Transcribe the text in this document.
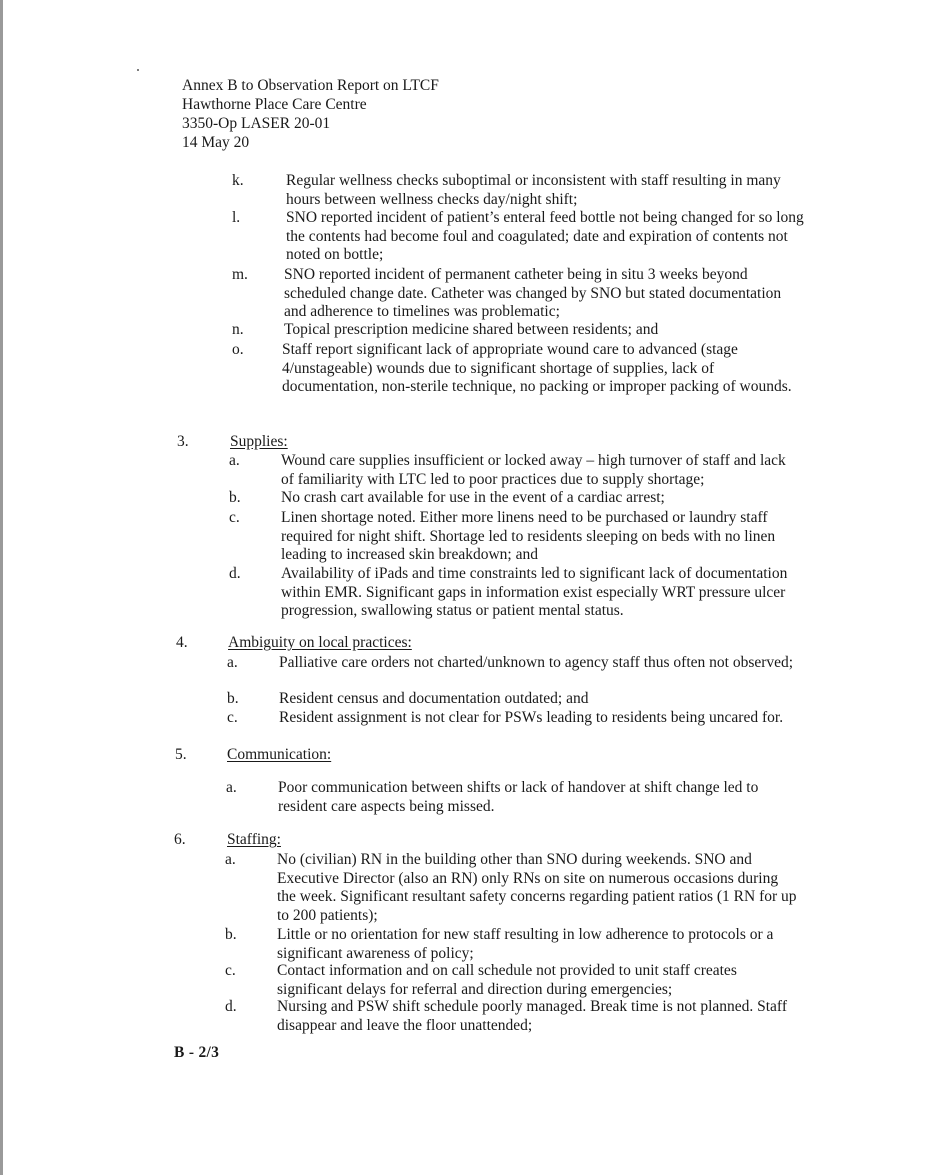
Annex B to Observation Report on LTCF
Hawthorne Place Care Centre
3350-Op LASER 20-01
14 May 20
k.	Regular wellness checks suboptimal or inconsistent with staff resulting in many hours between wellness checks day/night shift;
l.	SNO reported incident of patient’s enteral feed bottle not being changed for so long the contents had become foul and coagulated; date and expiration of contents not noted on bottle;
m.	SNO reported incident of permanent catheter being in situ 3 weeks beyond scheduled change date. Catheter was changed by SNO but stated documentation and adherence to timelines was problematic;
n.	Topical prescription medicine shared between residents; and
o.	Staff report significant lack of appropriate wound care to advanced (stage 4/unstageable) wounds due to significant shortage of supplies, lack of documentation, non-sterile technique, no packing or improper packing of wounds.
3.	Supplies:
a.	Wound care supplies insufficient or locked away – high turnover of staff and lack of familiarity with LTC led to poor practices due to supply shortage;
b.	No crash cart available for use in the event of a cardiac arrest;
c.	Linen shortage noted. Either more linens need to be purchased or laundry staff required for night shift. Shortage led to residents sleeping on beds with no linen leading to increased skin breakdown; and
d.	Availability of iPads and time constraints led to significant lack of documentation within EMR. Significant gaps in information exist especially WRT pressure ulcer progression, swallowing status or patient mental status.
4.	Ambiguity on local practices:
a.	Palliative care orders not charted/unknown to agency staff thus often not observed;
b.	Resident census and documentation outdated; and
c.	Resident assignment is not clear for PSWs leading to residents being uncared for.
5.	Communication:
a.	Poor communication between shifts or lack of handover at shift change led to resident care aspects being missed.
6.	Staffing:
a.	No (civilian) RN in the building other than SNO during weekends. SNO and Executive Director (also an RN) only RNs on site on numerous occasions during the week. Significant resultant safety concerns regarding patient ratios (1 RN for up to 200 patients);
b.	Little or no orientation for new staff resulting in low adherence to protocols or a significant awareness of policy;
c.	Contact information and on call schedule not provided to unit staff creates significant delays for referral and direction during emergencies;
d.	Nursing and PSW shift schedule poorly managed. Break time is not planned. Staff disappear and leave the floor unattended;
B - 2/3
